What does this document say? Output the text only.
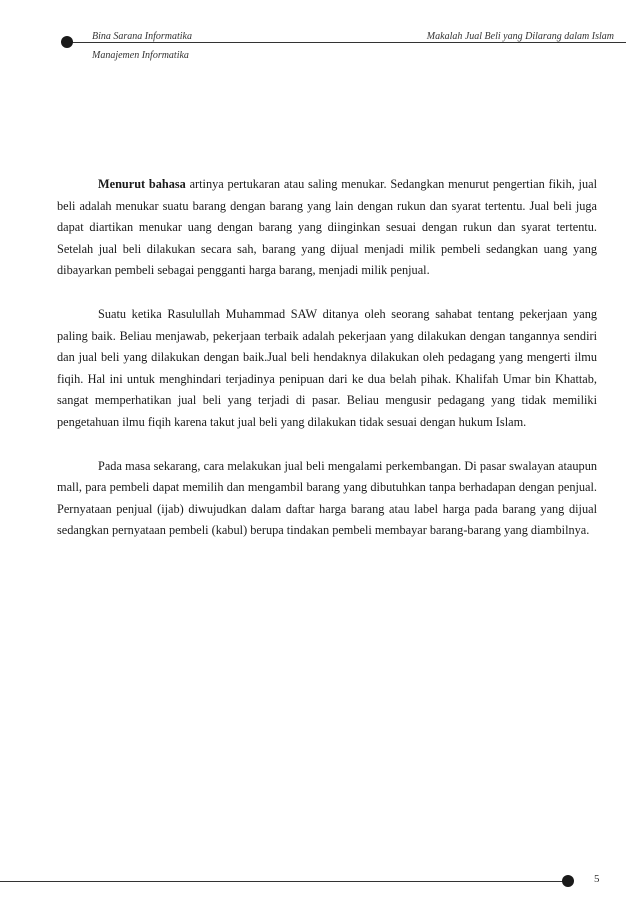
Bina Sarana Informatika
Manajemen Informatika
Makalah Jual Beli yang Dilarang dalam Islam

Menurut bahasa artinya pertukaran atau saling menukar. Sedangkan menurut pengertian fikih, jual beli adalah menukar suatu barang dengan barang yang lain dengan rukun dan syarat tertentu. Jual beli juga dapat diartikan menukar uang dengan barang yang diinginkan sesuai dengan rukun dan syarat tertentu. Setelah jual beli dilakukan secara sah, barang yang dijual menjadi milik pembeli sedangkan uang yang dibayarkan pembeli sebagai pengganti harga barang, menjadi milik penjual.

Suatu ketika Rasulullah Muhammad SAW ditanya oleh seorang sahabat tentang pekerjaan yang paling baik. Beliau menjawab, pekerjaan terbaik adalah pekerjaan yang dilakukan dengan tangannya sendiri dan jual beli yang dilakukan dengan baik.Jual beli hendaknya dilakukan oleh pedagang yang mengerti ilmu fiqih. Hal ini untuk menghindari terjadinya penipuan dari ke dua belah pihak. Khalifah Umar bin Khattab, sangat memperhatikan jual beli yang terjadi di pasar. Beliau mengusir pedagang yang tidak memiliki pengetahuan ilmu fiqih karena takut jual beli yang dilakukan tidak sesuai dengan hukum Islam.

Pada masa sekarang, cara melakukan jual beli mengalami perkembangan. Di pasar swalayan ataupun mall, para pembeli dapat memilih dan mengambil barang yang dibutuhkan tanpa berhadapan dengan penjual. Pernyataan penjual (ijab) diwujudkan dalam daftar harga barang atau label harga pada barang yang dijual sedangkan pernyataan pembeli (kabul) berupa tindakan pembeli membayar barang-barang yang diambilnya.

5
